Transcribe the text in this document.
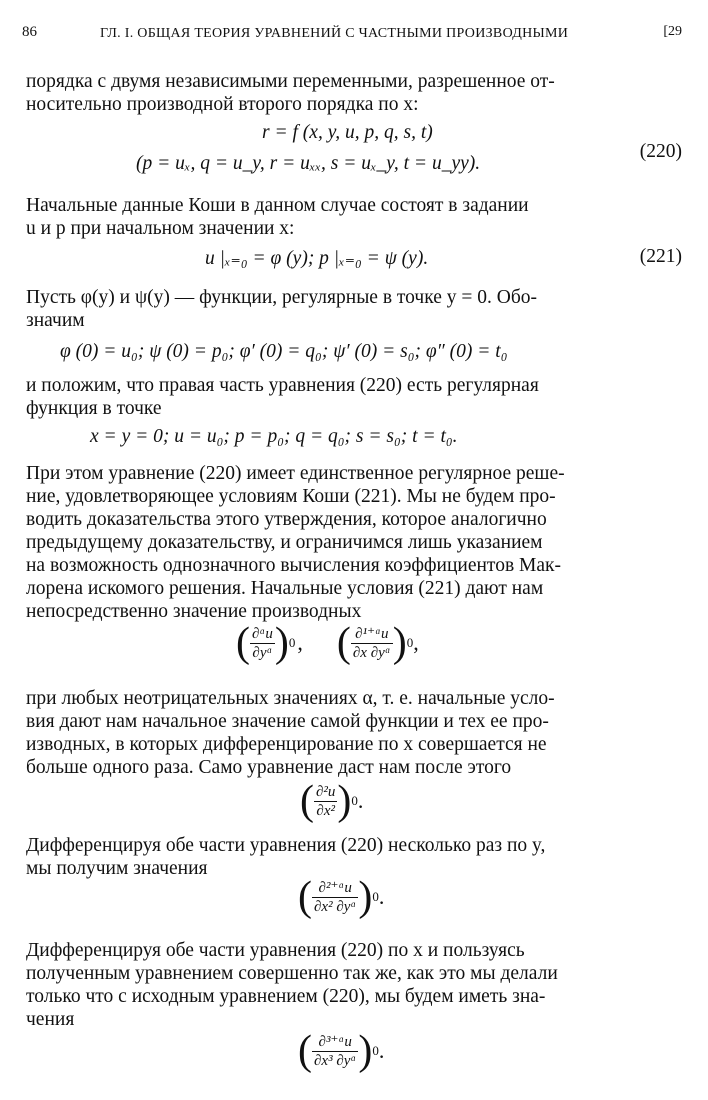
86	ГЛ. I. ОБЩАЯ ТЕОРИЯ УРАВНЕНИЙ С ЧАСТНЫМИ ПРОИЗВОДНЫМИ	[29
порядка с двумя независимыми переменными, разрешенное от-
носительно производной второго порядка по x:
r = f (x, y, u, p, q, s, t)
(p = uₓ, q = u_y, r = uₓₓ, s = uₓ_y, t = u_yy).
(220)
Начальные данные Коши в данном случае состоят в задании
u и p при начальном значении x:
u |ₓ₌₀ = φ (y); p |ₓ₌₀ = ψ (y).	(221)
Пусть φ(y) и ψ(y) — функции, регулярные в точке y = 0. Обо-
значим
φ (0) = u₀; ψ (0) = p₀; φ′ (0) = q₀; ψ′ (0) = s₀; φ″ (0) = t₀
и положим, что правая часть уравнения (220) есть регулярная
функция в точке
x = y = 0; u = u₀; p = p₀; q = q₀; s = s₀; t = t₀.
При этом уравнение (220) имеет единственное регулярное реше-
ние, удовлетворяющее условиям Коши (221). Мы не будем про-
водить доказательства этого утверждения, которое аналогично
предыдущему доказательству, и ограничимся лишь указанием
на возможность однозначного вычисления коэффициентов Мак-
лорена искомого решения. Начальные условия (221) дают нам
непосредственно значение производных
( $\frac{\text{∂ᵅu}}{\text{∂yᵅ}}$ ) 0 , ( $\frac{\text{∂¹⁺ᵅu}}{\text{∂x ∂yᵅ}}$ ) 0 ,
при любых неотрицательных значениях α, т. е. начальные усло-
вия дают нам начальное значение самой функции и тех ее про-
изводных, в которых дифференцирование по x совершается не
больше одного раза. Само уравнение даст нам после этого
( $\frac{\text{∂²u}}{\text{∂x²}}$ ) 0 .
Дифференцируя обе части уравнения (220) несколько раз по y,
мы получим значения
( $\frac{\text{∂²⁺ᵅu}}{\text{∂x² ∂yᵅ}}$ ) 0 .
Дифференцируя обе части уравнения (220) по x и пользуясь
полученным уравнением совершенно так же, как это мы делали
только что с исходным уравнением (220), мы будем иметь зна-
чения
( $\frac{\text{∂³⁺ᵅu}}{\text{∂x³ ∂yᵅ}}$ ) 0 .
